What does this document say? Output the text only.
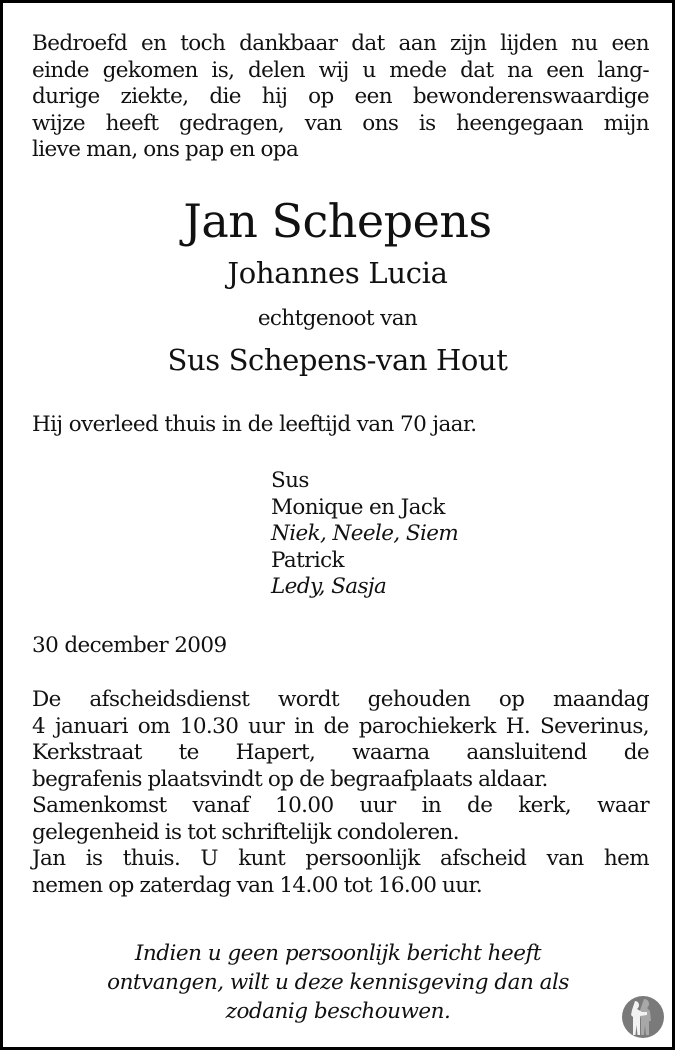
Bedroefd en toch dankbaar dat aan zijn lijden nu een
einde gekomen is, delen wij u mede dat na een lang-
durige ziekte, die hij op een bewonderenswaardige
wijze heeft gedragen, van ons is heengegaan mijn
lieve man, ons pap en opa
Jan Schepens
Johannes Lucia
echtgenoot van
Sus Schepens-van Hout
Hij overleed thuis in de leeftijd van 70 jaar.
Sus
Monique en Jack
Niek, Neele, Siem
Patrick
Ledy, Sasja
30 december 2009
De afscheidsdienst wordt gehouden op maandag
4 januari om 10.30 uur in de parochiekerk H. Severinus,
Kerkstraat te Hapert, waarna aansluitend de
begrafenis plaatsvindt op de begraafplaats aldaar.
Samenkomst vanaf 10.00 uur in de kerk, waar
gelegenheid is tot schriftelijk condoleren.
Jan is thuis. U kunt persoonlijk afscheid van hem
nemen op zaterdag van 14.00 tot 16.00 uur.
Indien u geen persoonlijk bericht heeft
ontvangen, wilt u deze kennisgeving dan als
zodanig beschouwen.
